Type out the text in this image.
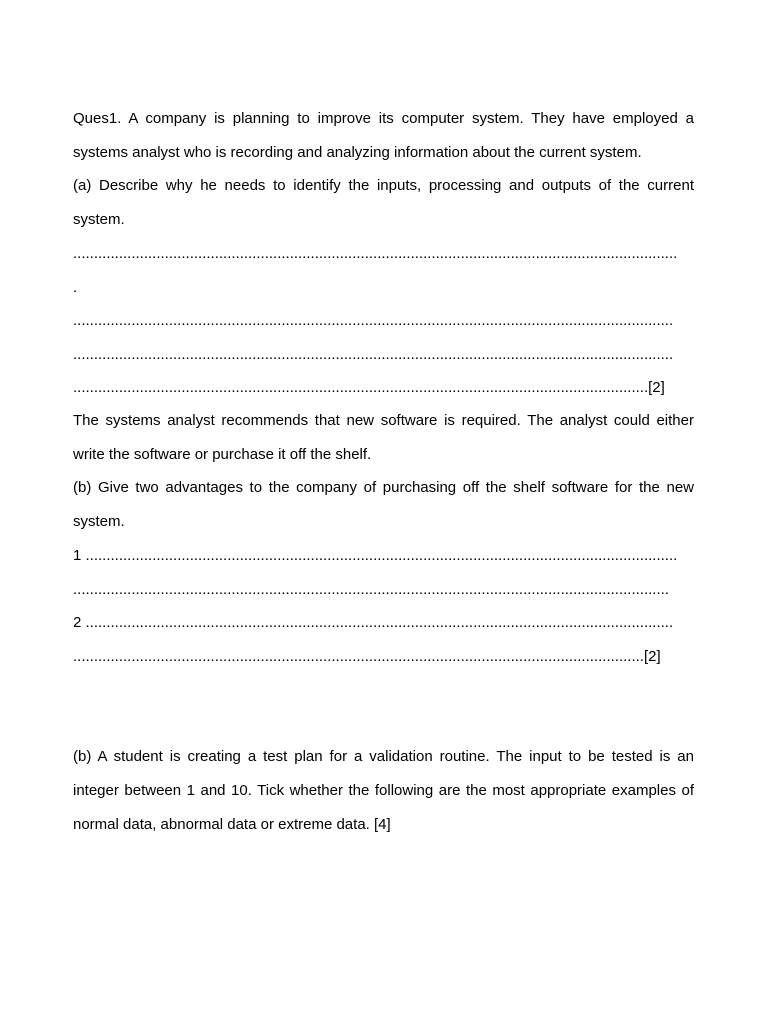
Ques1. A company is planning to improve its computer system. They have employed a
systems analyst who is recording and analyzing information about the current system.
(a) Describe why he needs to identify the inputs, processing and outputs of the current
system.
.................................................................................................................................................
.
................................................................................................................................................
................................................................................................................................................
..........................................................................................................................................[2]
The systems analyst recommends that new software is required. The analyst could either
write the software or purchase it off the shelf.
(b) Give two advantages to the company of purchasing off the shelf software for the new
system.
1 ..............................................................................................................................................
...............................................................................................................................................
2 .............................................................................................................................................
.........................................................................................................................................[2]
(b) A student is creating a test plan for a validation routine. The input to be tested is an
integer between 1 and 10. Tick whether the following are the most appropriate examples of
normal data, abnormal data or extreme data. [4]
